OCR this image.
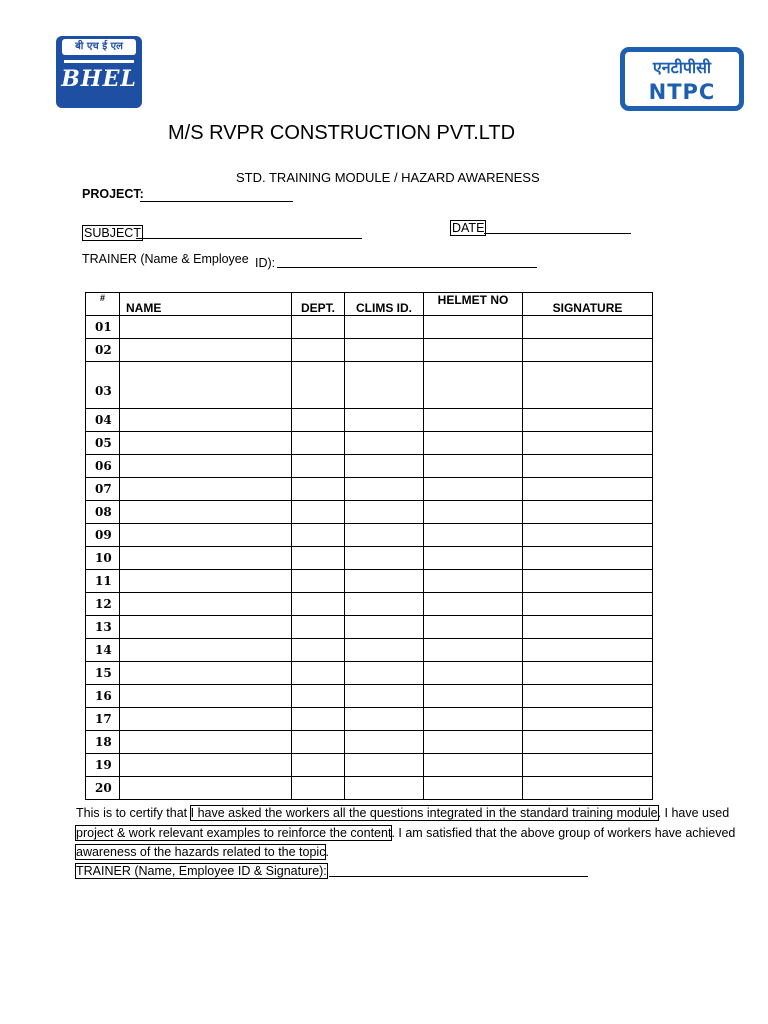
बी एच ई एल
BHEL	एनटीपीसी
NTPC
M/S RVPR CONSTRUCTION PVT.LTD
STD. TRAINING MODULE / HAZARD AWARENESS
PROJECT:
SUBJECT	DATE
TRAINER (Name & Employee ID):
#	NAME	DEPT.	CLIMS ID.	HELMET NO	SIGNATURE
01					
02					
03					
04					
05					
06					
07					
08					
09					
10					
11					
12					
13					
14					
15					
16					
17					
18					
19					
20					
This is to certify that I have asked the workers all the questions integrated in the standard training module. I have used
project & work relevant examples to reinforce the content. I am satisfied that the above group of workers have achieved
awareness of the hazards related to the topic.
TRAINER (Name, Employee ID & Signature):
